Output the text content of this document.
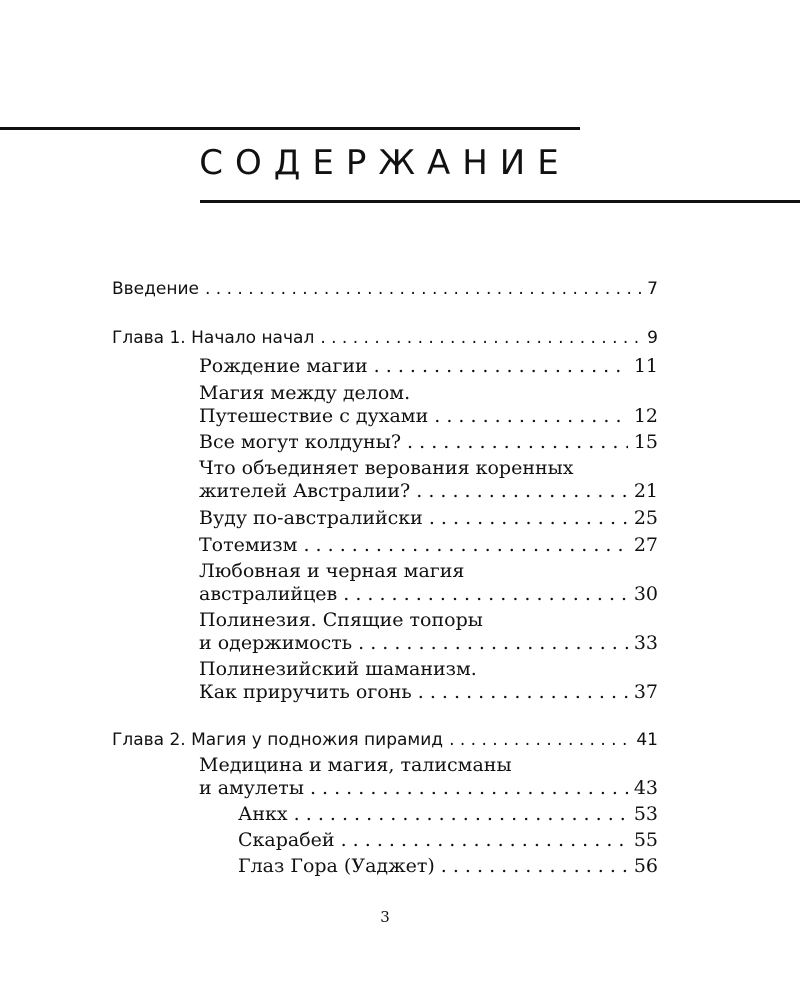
СОДЕРЖАНИЕ
Введение . . .	7
Глава 1. Начало начал . . .	9
Рождение магии . . .	11
Магия между делом.
Путешествие с духами . . .	12
Все могут колдуны? . . .	15
Что объединяет верования коренных
жителей Австралии? . . .	21
Вуду по-австралийски . . .	25
Тотемизм . . .	27
Любовная и черная магия
австралийцев . . .	30
Полинезия. Спящие топоры
и одержимость . . .	33
Полинезийский шаманизм.
Как приручить огонь . . .	37
Глава 2. Магия у подножия пирамид . . .	41
Медицина и магия, талисманы
и амулеты . . .	43
Анкх . . .	53
Скарабей . . .	55
Глаз Гора (Уаджет) . . .	56
3
